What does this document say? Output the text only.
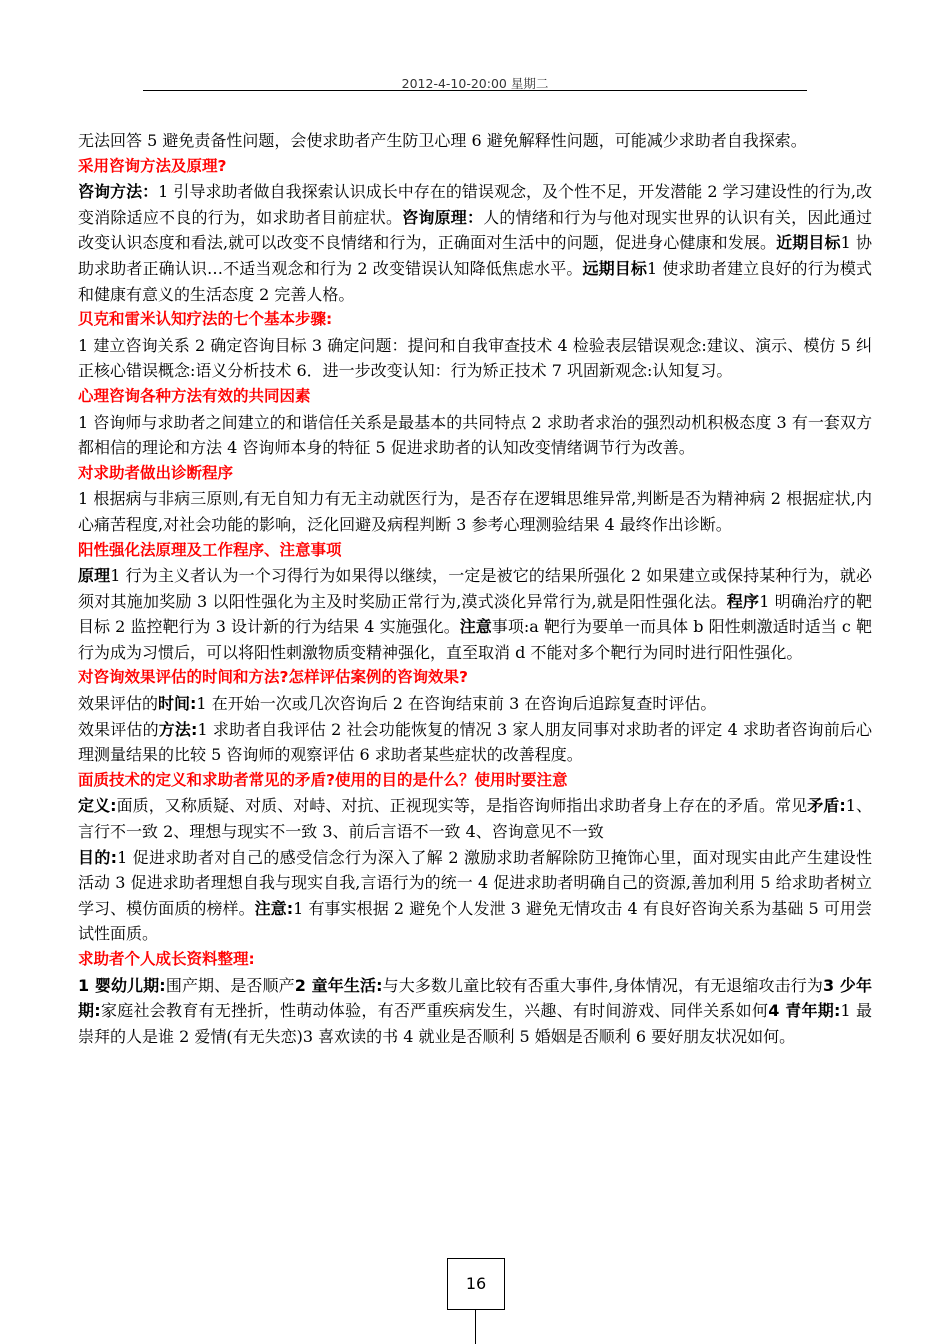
2012-4-10-20:00 星期二

无法回答 5 避免责备性问题，会使求助者产生防卫心理 6 避免解释性问题，可能减少求助者自我探索。

采用咨询方法及原理?

咨询方法：1 引导求助者做自我探索认识成长中存在的错误观念，及个性不足，开发潜能 2 学习建设性的行为,改变消除适应不良的行为，如求助者目前症状。咨询原理：人的情绪和行为与他对现实世界的认识有关，因此通过改变认识态度和看法,就可以改变不良情绪和行为，正确面对生活中的问题，促进身心健康和发展。近期目标1 协助求助者正确认识…不适当观念和行为 2 改变错误认知降低焦虑水平。远期目标1 使求助者建立良好的行为模式和健康有意义的生活态度 2 完善人格。

贝克和雷米认知疗法的七个基本步骤:

1 建立咨询关系 2 确定咨询目标 3 确定问题：提问和自我审查技术 4 检验表层错误观念:建议、演示、模仿 5 纠正核心错误概念:语义分析技术 6．进一步改变认知：行为矫正技术 7 巩固新观念:认知复习。

心理咨询各种方法有效的共同因素

1 咨询师与求助者之间建立的和谐信任关系是最基本的共同特点 2 求助者求治的强烈动机积极态度 3 有一套双方都相信的理论和方法 4 咨询师本身的特征 5 促进求助者的认知改变情绪调节行为改善。

对求助者做出诊断程序

1 根据病与非病三原则,有无自知力有无主动就医行为，是否存在逻辑思维异常,判断是否为精神病 2 根据症状,内心痛苦程度,对社会功能的影响，泛化回避及病程判断 3 参考心理测验结果 4 最终作出诊断。

阳性强化法原理及工作程序、注意事项

原理1 行为主义者认为一个习得行为如果得以继续，一定是被它的结果所强化 2 如果建立或保持某种行为，就必须对其施加奖励 3 以阳性强化为主及时奖励正常行为,漠式淡化异常行为,就是阳性强化法。程序1 明确治疗的靶目标 2 监控靶行为 3 设计新的行为结果 4 实施强化。注意事项:a 靶行为要单一而具体 b 阳性刺激适时适当 c 靶行为成为习惯后，可以将阳性刺激物质变精神强化，直至取消 d 不能对多个靶行为同时进行阳性强化。

对咨询效果评估的时间和方法?怎样评估案例的咨询效果?

效果评估的时间:1 在开始一次或几次咨询后 2 在咨询结束前 3 在咨询后追踪复查时评估。

效果评估的方法:1 求助者自我评估 2 社会功能恢复的情况 3 家人朋友同事对求助者的评定 4 求助者咨询前后心理测量结果的比较 5 咨询师的观察评估 6 求助者某些症状的改善程度。

面质技术的定义和求助者常见的矛盾?使用的目的是什么？使用时要注意

定义:面质，又称质疑、对质、对峙、对抗、正视现实等，是指咨询师指出求助者身上存在的矛盾。常见矛盾:1、言行不一致 2、理想与现实不一致 3、前后言语不一致 4、咨询意见不一致

目的:1 促进求助者对自己的感受信念行为深入了解 2 激励求助者解除防卫掩饰心里，面对现实由此产生建设性活动 3 促进求助者理想自我与现实自我,言语行为的统一 4 促进求助者明确自己的资源,善加利用 5 给求助者树立学习、模仿面质的榜样。注意:1 有事实根据 2 避免个人发泄 3 避免无情攻击 4 有良好咨询关系为基础 5 可用尝试性面质。

求助者个人成长资料整理:

1 婴幼儿期:围产期、是否顺产2 童年生活:与大多数儿童比较有否重大事件,身体情况，有无退缩攻击行为3 少年期:家庭社会教育有无挫折，性萌动体验，有否严重疾病发生，兴趣、有时间游戏、同伴关系如何4 青年期:1 最崇拜的人是谁 2 爱情(有无失恋)3 喜欢读的书 4 就业是否顺利 5 婚姻是否顺利 6 要好朋友状况如何。

16
